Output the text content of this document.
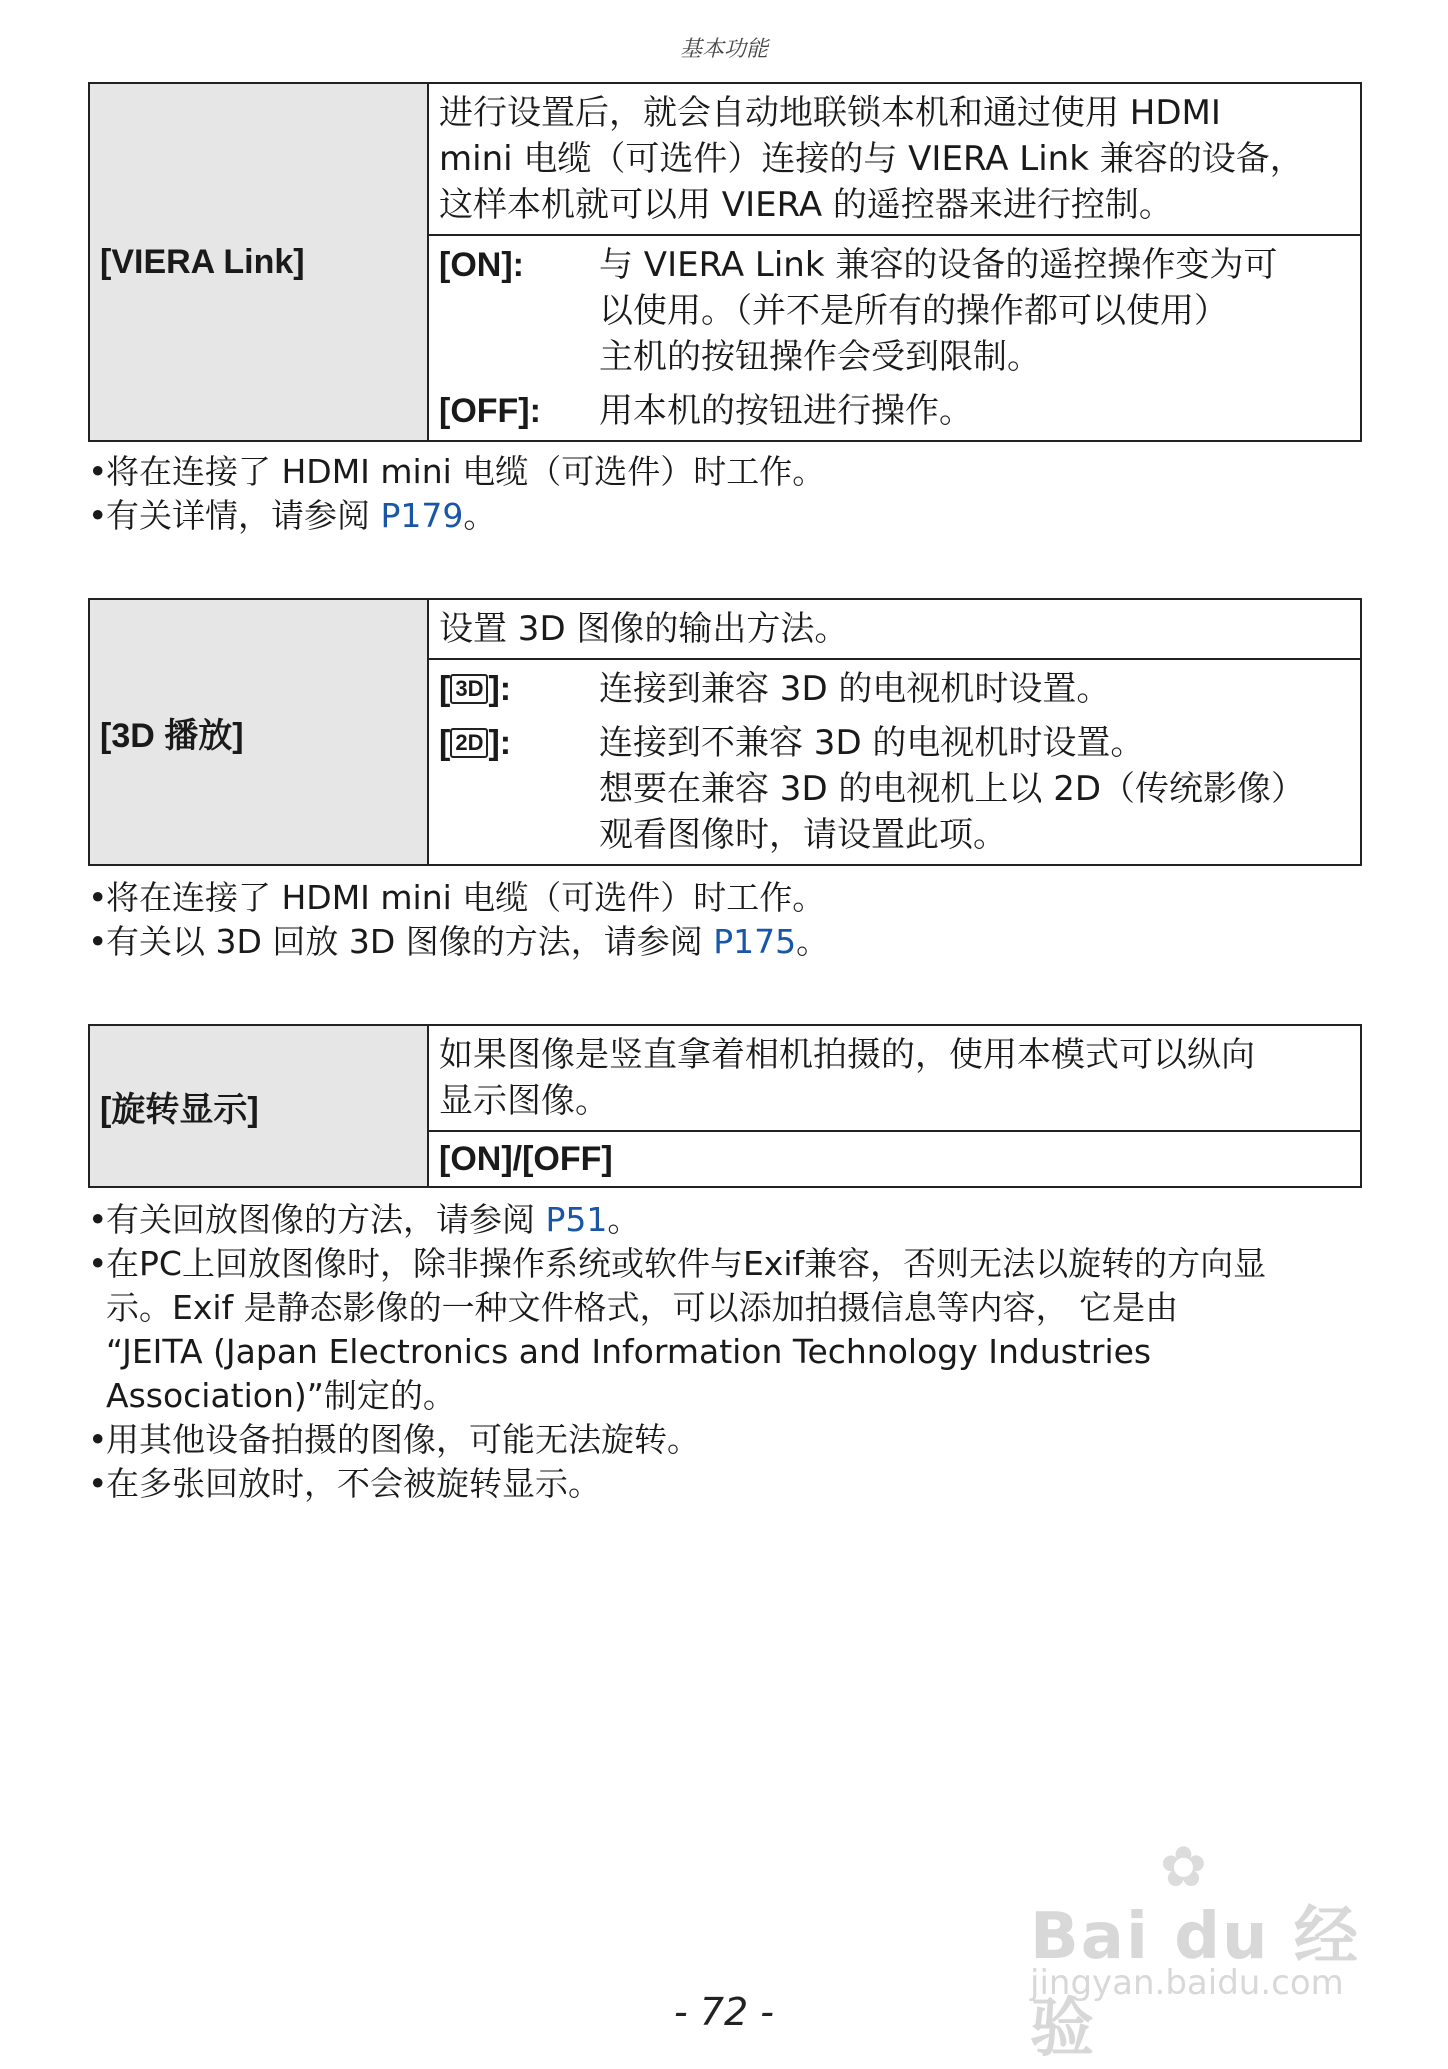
基本功能
[VIERA Link]	
进行设置后，就会自动地联锁本机和通过使用 HDMI
mini 电缆（可选件）连接的与 VIERA Link 兼容的设备，
这样本机就可以用 VIERA 的遥控器来进行控制。

[ON]:	与 VIERA Link 兼容的设备的遥控操作变为可
以使用。（并不是所有的操作都可以使用）
主机的按钮操作会受到限制。
[OFF]:	用本机的按钮进行操作。
• 将在连接了 HDMI mini 电缆（可选件）时工作。
• 有关详情，请参阅 P179。
[3D 播放]	设置 3D 图像的输出方法。

[ 3D ]:	连接到兼容 3D 的电视机时设置。
[ 2D ]:	连接到不兼容 3D 的电视机时设置。
想要在兼容 3D 的电视机上以 2D（传统影像）
观看图像时，请设置此项。
• 将在连接了 HDMI mini 电缆（可选件）时工作。
• 有关以 3D 回放 3D 图像的方法，请参阅 P175。
[旋转显示]	
如果图像是竖直拿着相机拍摄的，使用本模式可以纵向
显示图像。

[ON]/[OFF]
• 有关回放图像的方法，请参阅 P51。
• 在PC上回放图像时，除非操作系统或软件与Exif兼容，否则无法以旋转的方向显
示。Exif 是静态影像的一种文件格式，可以添加拍摄信息等内容， 它是由
“JEITA (Japan Electronics and Information Technology Industries
Association)”制定的。
• 用其他设备拍摄的图像，可能无法旋转。
• 在多张回放时，不会被旋转显示。
✿
Bai du 经验
jingyan.baidu.com
- 72 -
